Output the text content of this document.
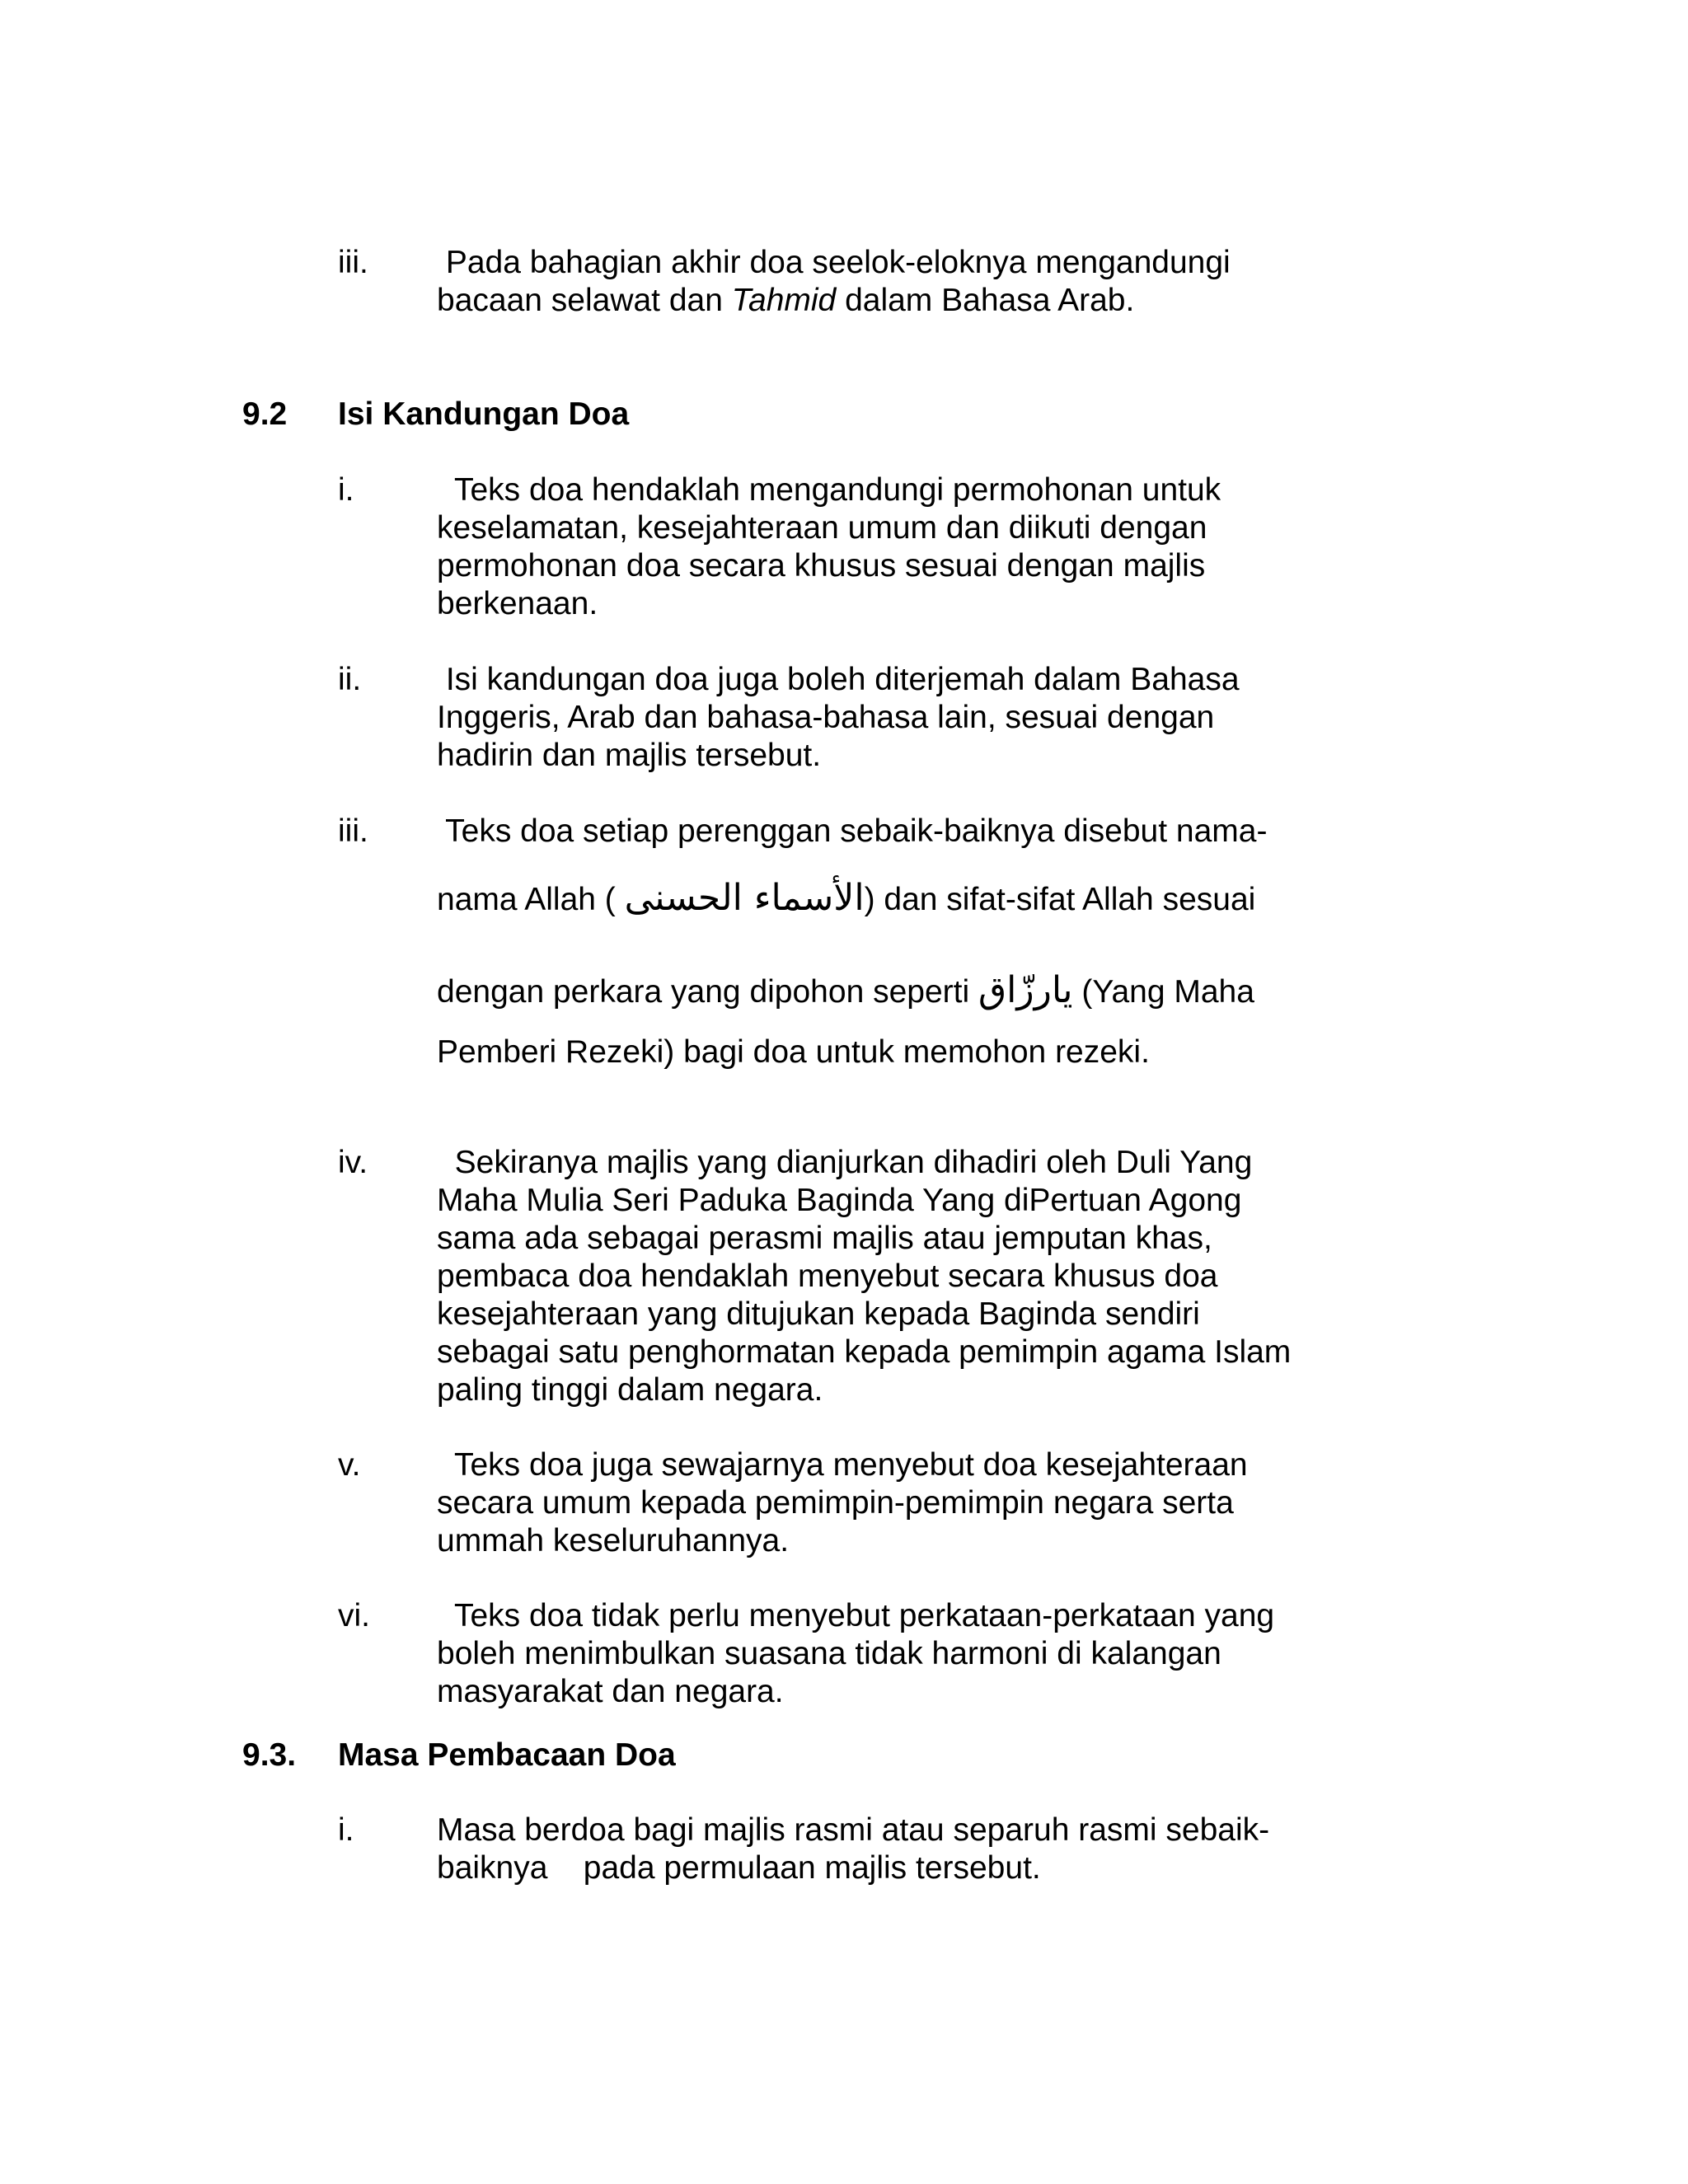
iii. Pada bahagian akhir doa seelok-eloknya mengandungi
bacaan selawat dan Tahmid dalam Bahasa Arab.
9.2 Isi Kandungan Doa
i.	Teks doa hendaklah mengandungi permohonan untuk
keselamatan, kesejahteraan umum dan diikuti dengan
permohonan doa secara khusus sesuai dengan majlis
berkenaan.
ii. Isi kandungan doa juga boleh diterjemah dalam Bahasa
Inggeris, Arab dan bahasa-bahasa lain, sesuai dengan
hadirin dan majlis tersebut.
iii. Teks doa setiap perenggan sebaik-baiknya disebut nama-
nama Allah ( الأسماء الحسنى) dan sifat-sifat Allah sesuai
dengan perkara yang dipohon seperti يارزّاق (Yang Maha
Pemberi Rezeki) bagi doa untuk memohon rezeki.
iv. Sekiranya majlis yang dianjurkan dihadiri oleh Duli Yang
Maha Mulia Seri Paduka Baginda Yang diPertuan Agong
sama ada sebagai perasmi majlis atau jemputan khas,
pembaca doa hendaklah menyebut secara khusus doa
kesejahteraan yang ditujukan kepada Baginda sendiri
sebagai satu penghormatan kepada pemimpin agama Islam
paling tinggi dalam negara.
v. Teks doa juga sewajarnya menyebut doa kesejahteraan
secara umum kepada pemimpin-pemimpin negara serta
ummah keseluruhannya.
vi. Teks doa tidak perlu menyebut perkataan-perkataan yang
boleh menimbulkan suasana tidak harmoni di kalangan
masyarakat dan negara.
9.3. Masa Pembacaan Doa
i.	Masa berdoa bagi majlis rasmi atau separuh rasmi sebaik-
baiknya    pada permulaan majlis tersebut.
